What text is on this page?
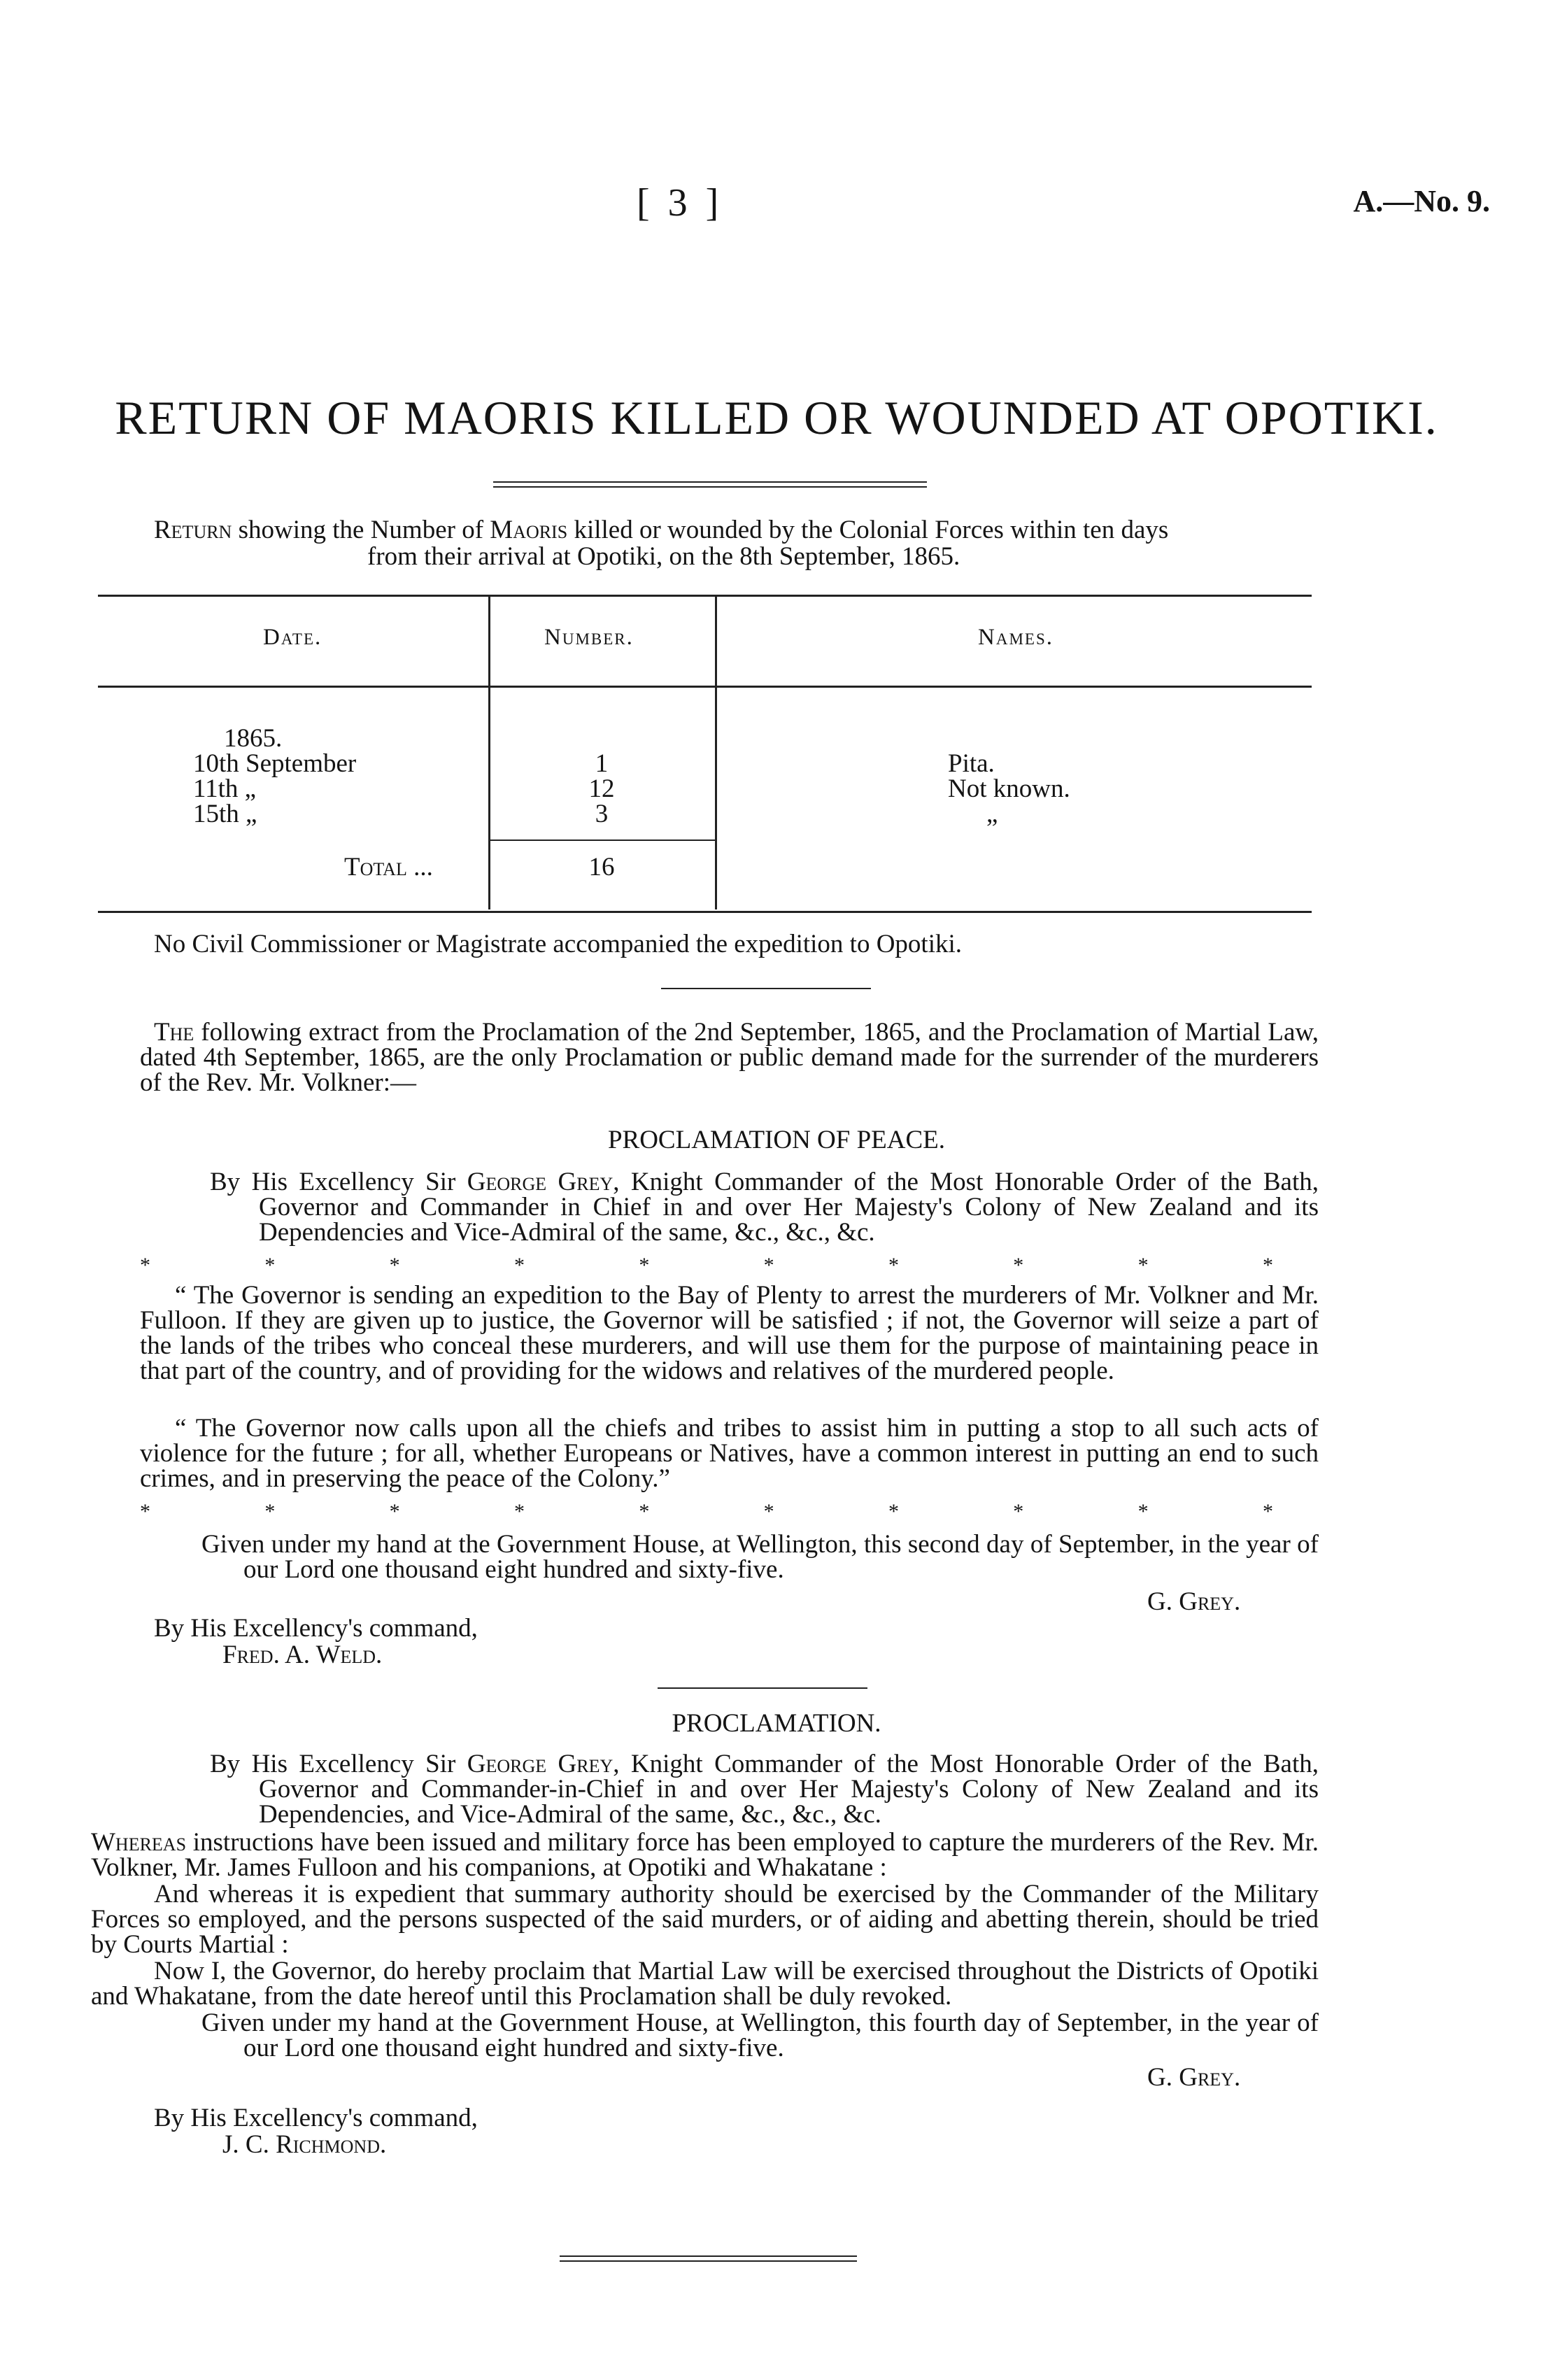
[ 3 ]	A.—No. 9.
RETURN OF MAORIS KILLED OR WOUNDED AT OPOTIKI.
Return showing the Number of Maoris killed or wounded by the Colonial Forces within ten days
from their arrival at Opotiki, on the 8th September, 1865.
Date.	Number.	Names.
1865.
10th September	1	Pita.
11th „	12	Not known.
15th „	3	„
Total ...	16
No Civil Commissioner or Magistrate accompanied the expedition to Opotiki.
The following extract from the Proclamation of the 2nd September, 1865, and the Proclamation of Martial Law, dated 4th September, 1865, are the only Proclamation or public demand made for the surrender of the murderers of the Rev. Mr. Volkner:—
PROCLAMATION OF PEACE.
By His Excellency Sir George Grey, Knight Commander of the Most Honorable Order of the Bath, Governor and Commander in Chief in and over Her Majesty's Colony of New Zealand and its Dependencies and Vice-Admiral of the same, &c., &c., &c.
*	*	*	*	*	*	*	*	*	*
“ The Governor is sending an expedition to the Bay of Plenty to arrest the murderers of Mr. Volkner and Mr. Fulloon. If they are given up to justice, the Governor will be satisfied ; if not, the Governor will seize a part of the lands of the tribes who conceal these murderers, and will use them for the purpose of maintaining peace in that part of the country, and of providing for the widows and relatives of the murdered people.
“ The Governor now calls upon all the chiefs and tribes to assist him in putting a stop to all such acts of violence for the future ; for all, whether Europeans or Natives, have a common interest in putting an end to such crimes, and in preserving the peace of the Colony.”
*	*	*	*	*	*	*	*	*	*
Given under my hand at the Government House, at Wellington, this second day of September, in the year of our Lord one thousand eight hundred and sixty-five.
G. Grey.
By His Excellency's command,
Fred. A. Weld.
PROCLAMATION.
By His Excellency Sir George Grey, Knight Commander of the Most Honorable Order of the Bath, Governor and Commander-in-Chief in and over Her Majesty's Colony of New Zealand and its Dependencies, and Vice-Admiral of the same, &c., &c., &c.
Whereas instructions have been issued and military force has been employed to capture the murderers of the Rev. Mr. Volkner, Mr. James Fulloon and his companions, at Opotiki and Whakatane :
And whereas it is expedient that summary authority should be exercised by the Commander of the Military Forces so employed, and the persons suspected of the said murders, or of aiding and abetting therein, should be tried by Courts Martial :
Now I, the Governor, do hereby proclaim that Martial Law will be exercised throughout the Districts of Opotiki and Whakatane, from the date hereof until this Proclamation shall be duly revoked.
Given under my hand at the Government House, at Wellington, this fourth day of September, in the year of our Lord one thousand eight hundred and sixty-five.
G. Grey.
By His Excellency's command,
J. C. Richmond.
